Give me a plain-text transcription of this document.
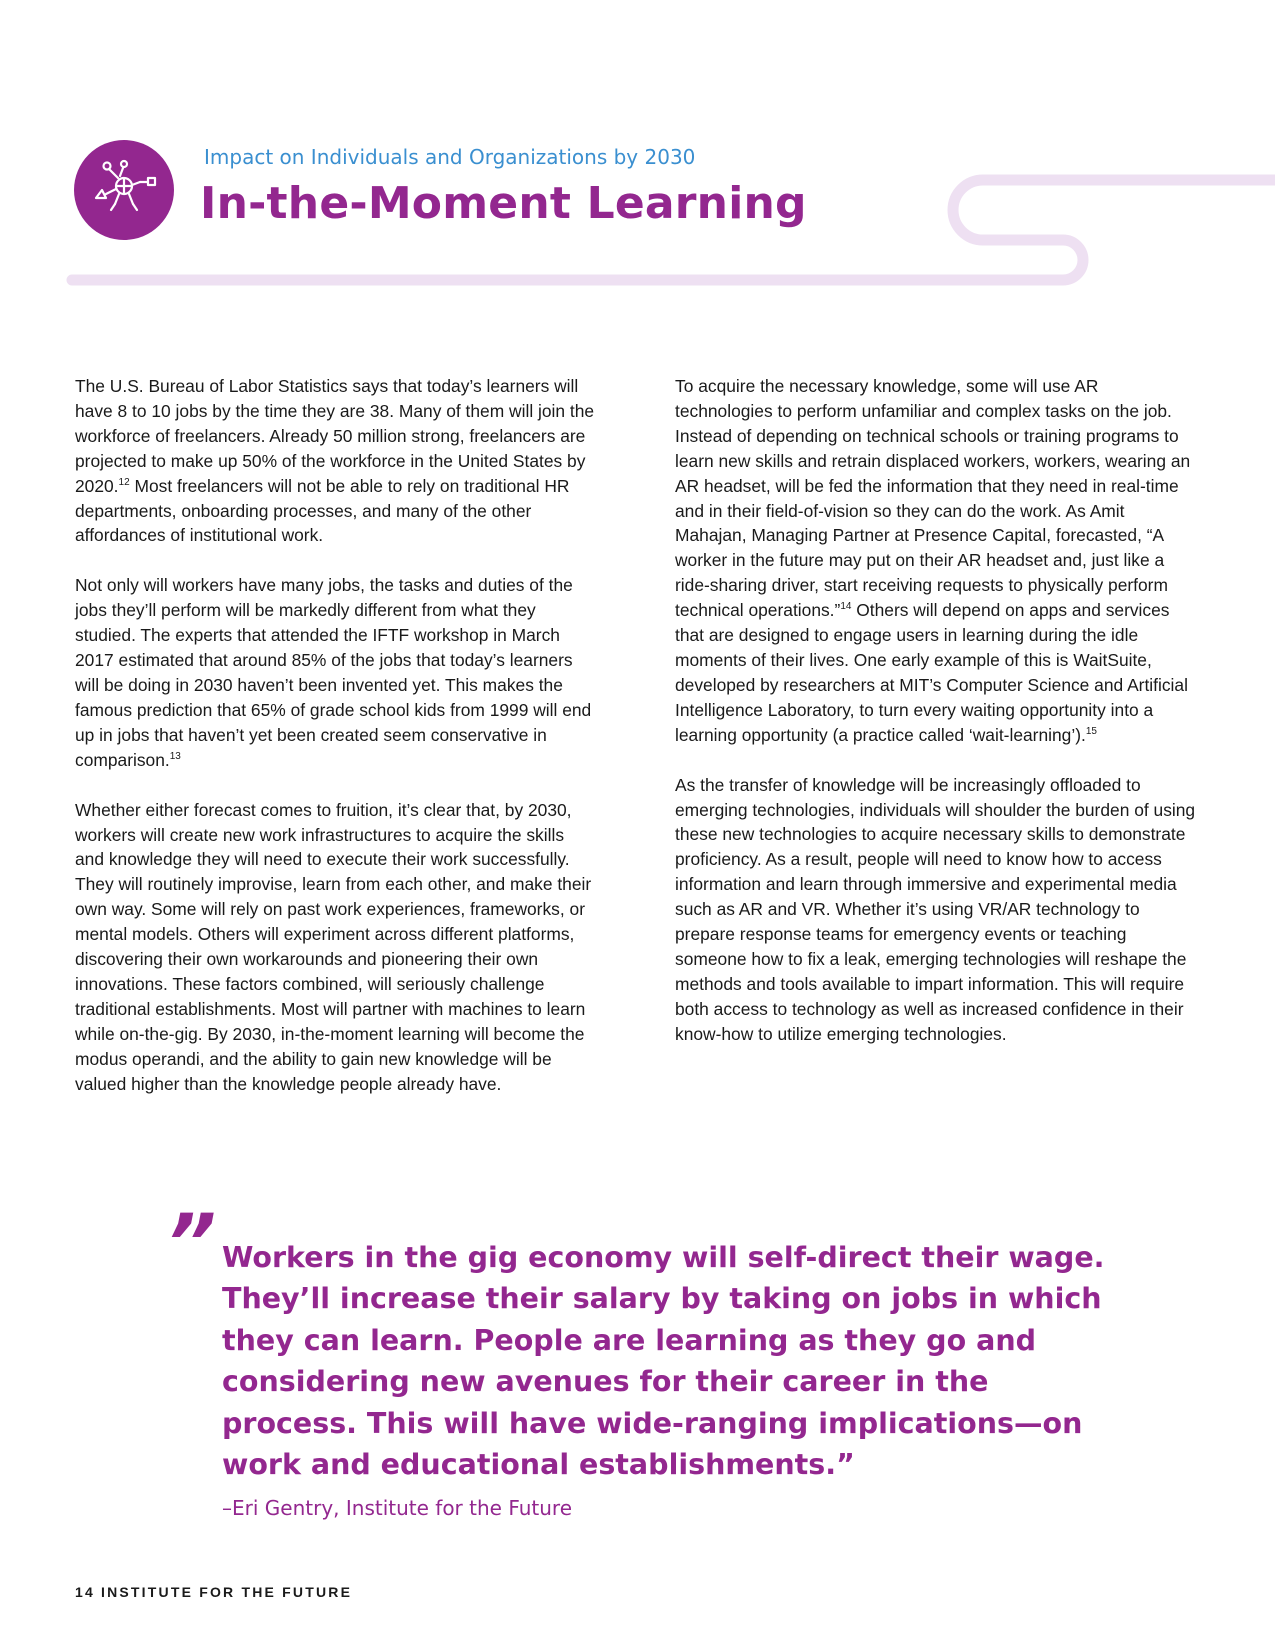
Impact on Individuals and Organizations by 2030
In-the-Moment Learning

The U.S. Bureau of Labor Statistics says that today’s learners will have 8 to 10 jobs by the time they are 38. Many of them will join the workforce of freelancers. Already 50 million strong, freelancers are projected to make up 50% of the workforce in the United States by 2020.12 Most freelancers will not be able to rely on traditional HR departments, onboarding processes, and many of the other affordances of institutional work.

Not only will workers have many jobs, the tasks and duties of the jobs they’ll perform will be markedly different from what they studied. The experts that attended the IFTF workshop in March 2017 estimated that around 85% of the jobs that today’s learners will be doing in 2030 haven’t been invented yet. This makes the famous prediction that 65% of grade school kids from 1999 will end up in jobs that haven’t yet been created seem conservative in comparison.$^{13}$

Whether either forecast comes to fruition, it’s clear that, by 2030, workers will create new work infrastructures to acquire the skills and knowledge they will need to execute their work successfully. They will routinely improvise, learn from each other, and make their own way. Some will rely on past work experiences, frameworks, or mental models. Others will experiment across different platforms, discovering their own workarounds and pioneering their own innovations. These factors combined, will seriously challenge traditional establishments. Most will partner with machines to learn while on-the-gig. By 2030, in-the-moment learning will become the modus operandi, and the ability to gain new knowledge will be valued higher than the knowledge people already have.

To acquire the necessary knowledge, some will use AR technologies to perform unfamiliar and complex tasks on the job. Instead of depending on technical schools or training programs to learn new skills and retrain displaced workers, workers, wearing an AR headset, will be fed the information that they need in real-time and in their field-of-vision so they can do the work. As Amit Mahajan, Managing Partner at Presence Capital, forecasted, “A worker in the future may put on their AR headset and, just like a ride-sharing driver, start receiving requests to physically perform technical operations.”$^{14}$ Others will depend on apps and services that are designed to engage users in learning during the idle moments of their lives. One early example of this is WaitSuite, developed by researchers at MIT’s Computer Science and Artificial Intelligence Laboratory, to turn every waiting opportunity into a learning opportunity (a practice called ‘wait-learning’).$^{15}$

As the transfer of knowledge will be increasingly offloaded to emerging technologies, individuals will shoulder the burden of using these new technologies to acquire necessary skills to demonstrate proficiency. As a result, people will need to know how to access information and learn through immersive and experimental media such as AR and VR. Whether it’s using VR/AR technology to prepare response teams for emergency events or teaching someone how to fix a leak, emerging technologies will reshape the methods and tools available to impart information. This will require both access to technology as well as increased confidence in their know-how to utilize emerging technologies.

” Workers in the gig economy will self-direct their wage. They’ll increase their salary by taking on jobs in which they can learn. People are learning as they go and considering new avenues for their career in the process. This will have wide-ranging implications—on work and educational establishments.” –Eri Gentry, Institute for the Future

14 INSTITUTE FOR THE FUTURE
